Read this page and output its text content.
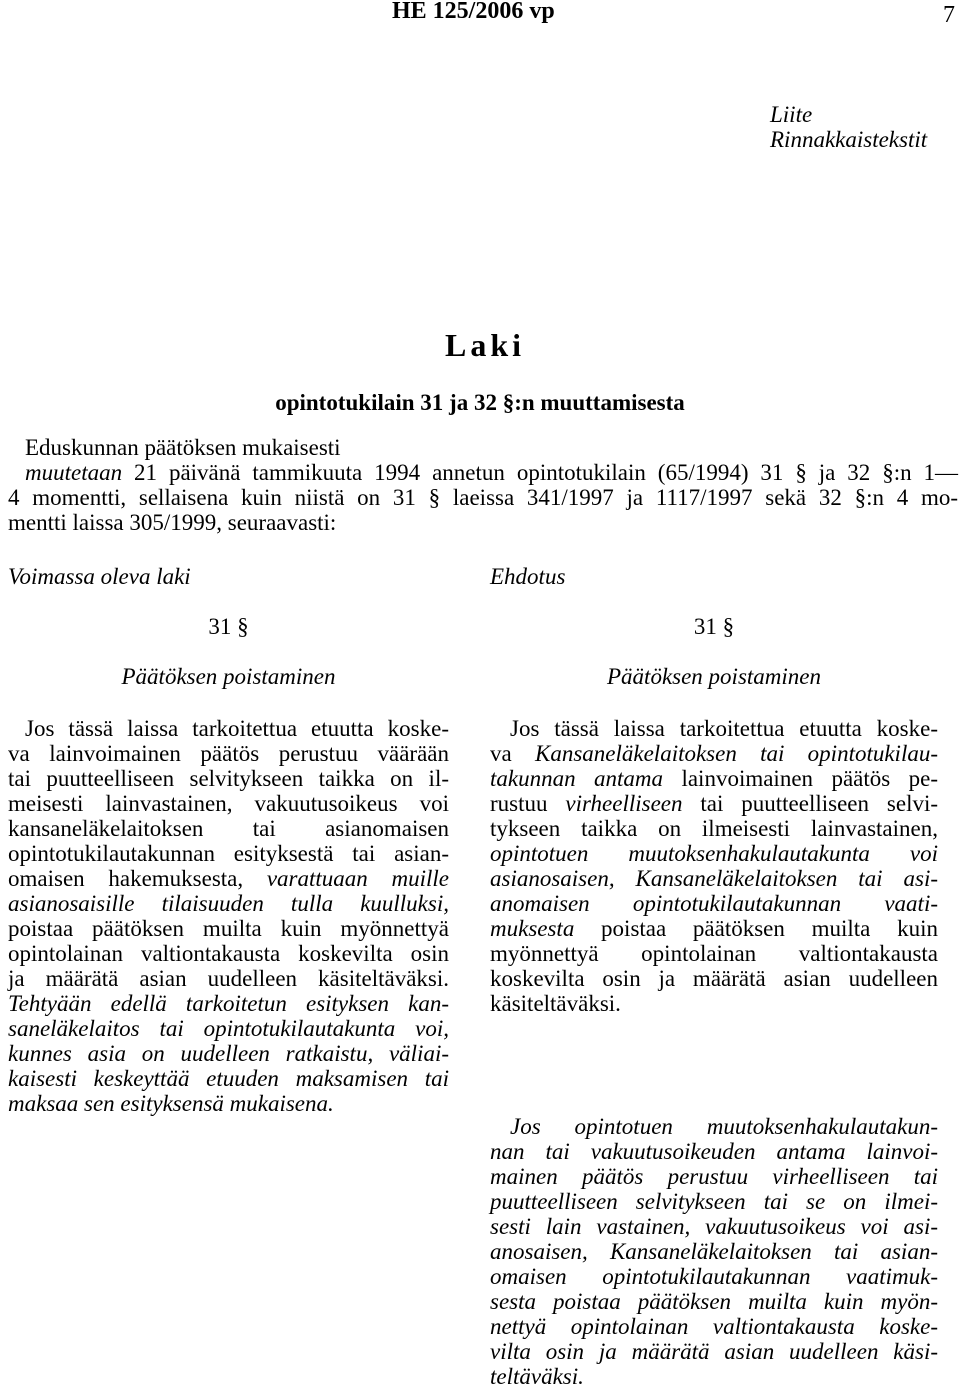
HE 125/2006 vp	7
Liite
Rinnakkaistekstit
Laki
opintotukilain 31 ja 32 §:n muuttamisesta
Eduskunnan päätöksen mukaisesti
muutetaan 21 päivänä tammikuuta 1994 annetun opintotukilain (65/1994) 31 § ja 32 §:n 1—
4 momentti, sellaisena kuin niistä on 31 § laeissa 341/1997 ja 1117/1997 sekä 32 §:n 4 mo-
mentti laissa 305/1999, seuraavasti:
Voimassa oleva laki	Ehdotus
31 §	31 §
Päätöksen poistaminen	Päätöksen poistaminen
Jos tässä laissa tarkoitettua etuutta koske-
va lainvoimainen päätös perustuu väärään
tai puutteelliseen selvitykseen taikka on il-
meisesti lainvastainen, vakuutusoikeus voi
kansaneläkelaitoksen tai asianomaisen
opintotukilautakunnan esityksestä tai asian-
omaisen hakemuksesta, varattuaan muille
asianosaisille tilaisuuden tulla kuulluksi,
poistaa päätöksen muilta kuin myönnettyä
opintolainan valtiontakausta koskevilta osin
ja määrätä asian uudelleen käsiteltäväksi.
Tehtyään edellä tarkoitetun esityksen kan-
saneläkelaitos tai opintotukilautakunta voi,
kunnes asia on uudelleen ratkaistu, väliai-
kaisesti keskeyttää etuuden maksamisen tai
maksaa sen esityksensä mukaisena.
Jos tässä laissa tarkoitettua etuutta koske-
va Kansaneläkelaitoksen tai opintotukilau-
takunnan antama lainvoimainen päätös pe-
rustuu virheelliseen tai puutteelliseen selvi-
tykseen taikka on ilmeisesti lainvastainen,
opintotuen muutoksenhakulautakunta voi
asianosaisen, Kansaneläkelaitoksen tai asi-
anomaisen opintotukilautakunnan vaati-
muksesta poistaa päätöksen muilta kuin
myönnettyä opintolainan valtiontakausta
koskevilta osin ja määrätä asian uudelleen
käsiteltäväksi.
Jos opintotuen muutoksenhakulautakun-
nan tai vakuutusoikeuden antama lainvoi-
mainen päätös perustuu virheelliseen tai
puutteelliseen selvitykseen tai se on ilmei-
sesti lain vastainen, vakuutusoikeus voi asi-
anosaisen, Kansaneläkelaitoksen tai asian-
omaisen opintotukilautakunnan vaatimuk-
sesta poistaa päätöksen muilta kuin myön-
nettyä opintolainan valtiontakausta koske-
vilta osin ja määrätä asian uudelleen käsi-
teltäväksi.
